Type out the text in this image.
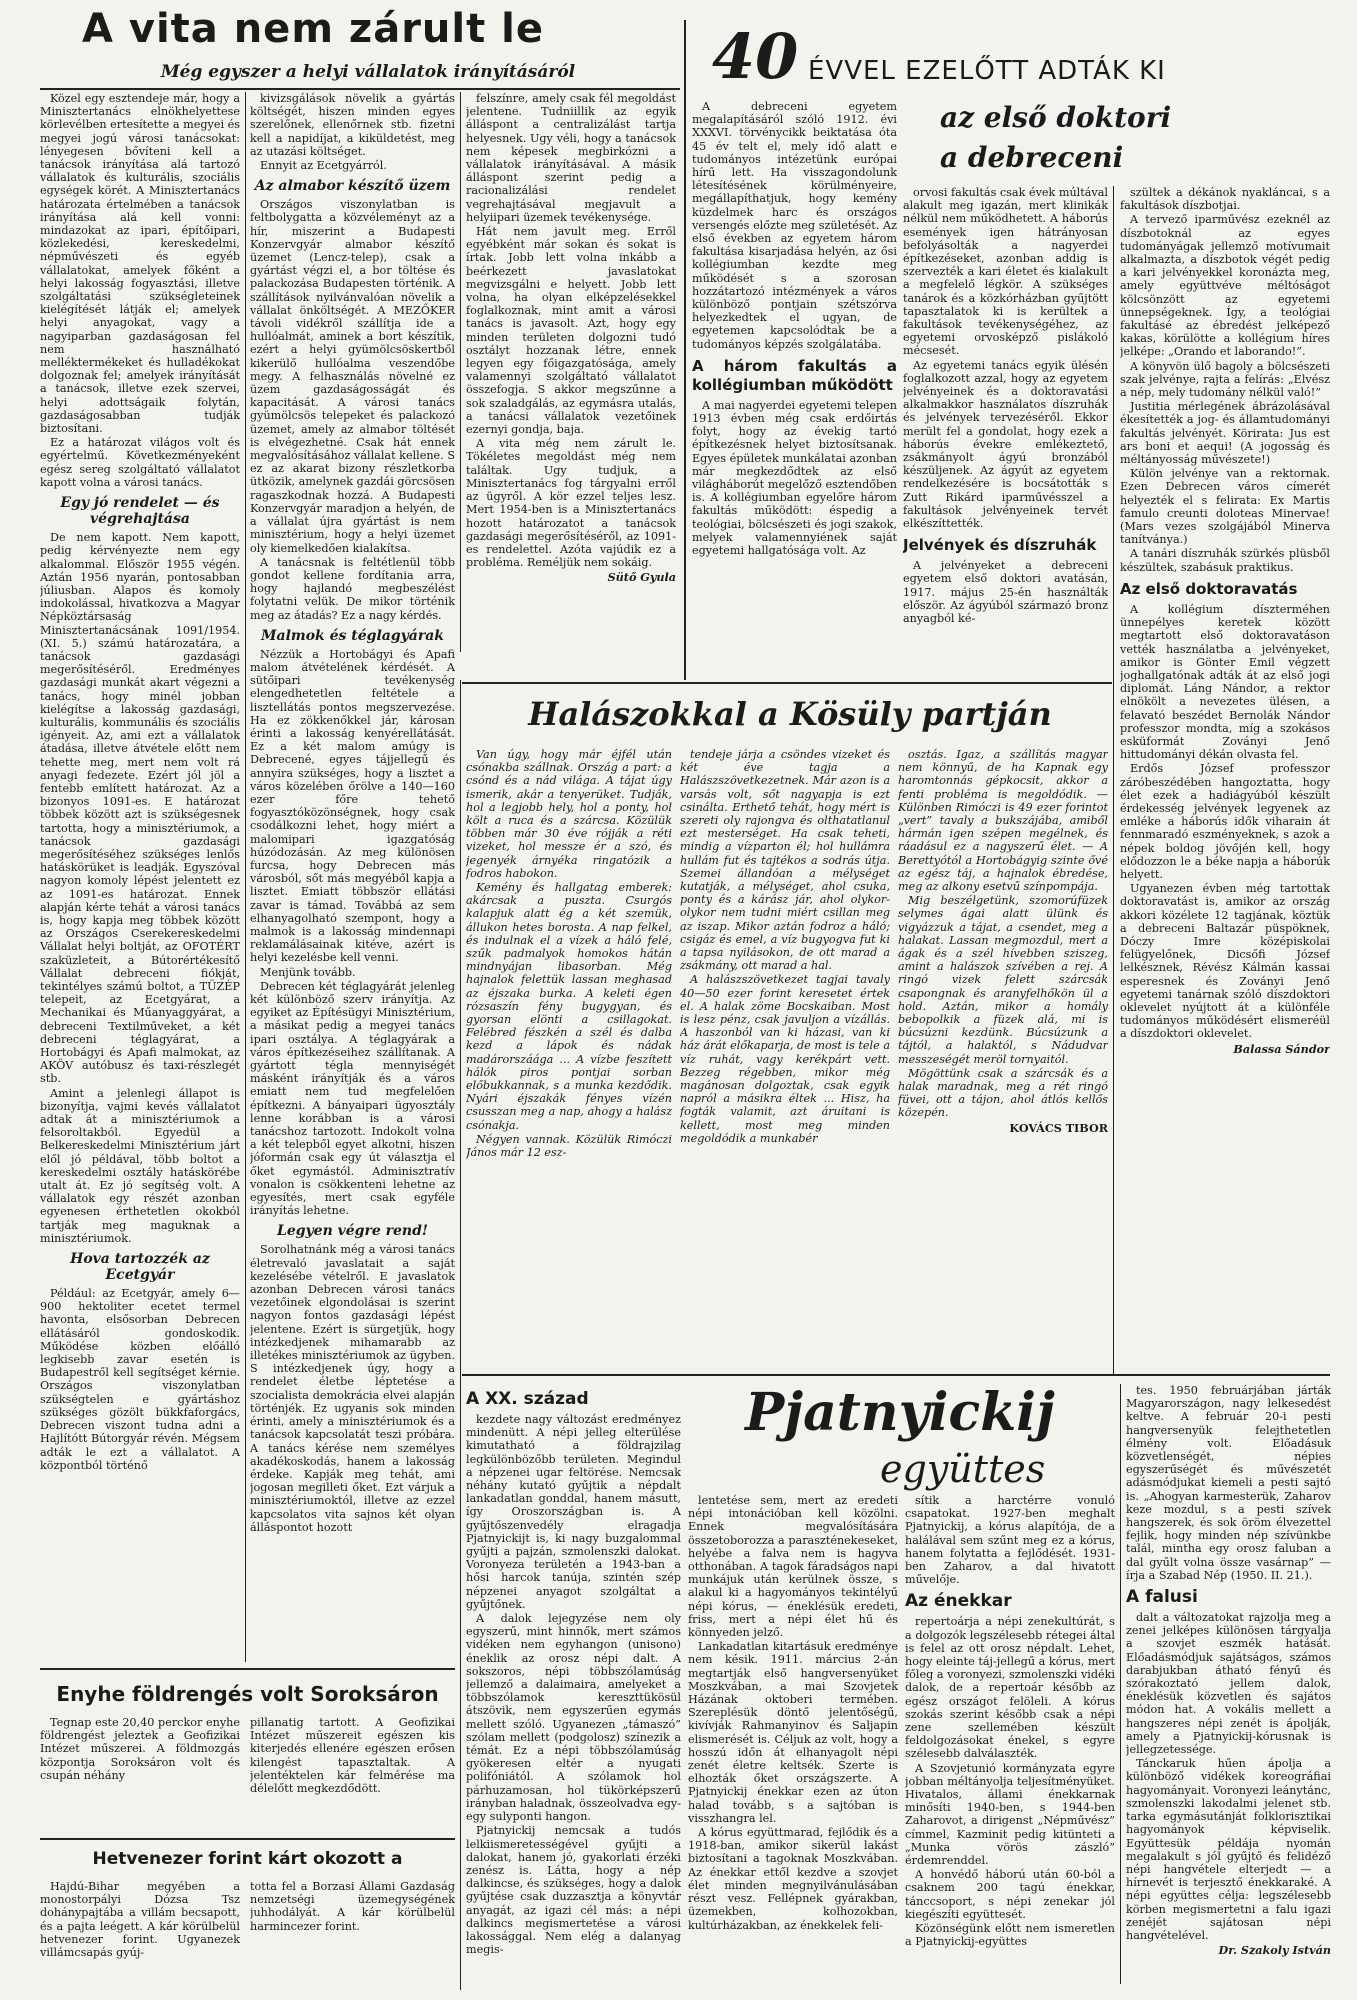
A vita nem zárult le
Még egyszer a helyi vállalatok irányításáról

Közel egy esztendeje már, hogy a Minisztertanács elnökhelyettese körlevélben ertesítette a megyei és megyei jogú városi tanácsokat: lényegesen bővíteni kell a tanácsok irányítása alá tartozó vállalatok és kulturális, szociális egységek körét. A Minisztertanács határozata értelmében a tanácsok irányítása alá kell vonni: mindazokat az ipari, építőipari, közlekedési, kereskedelmi, népművészeti és egyéb vállalatokat, amelyek főként a helyi lakosság fogyasztási, illetve szolgáltatási szükségleteinek kielégítését látják el; amelyek helyi anyagokat, vagy a nagyiparban gazdaságosan fel nem használható melléktermékeket és hulladékokat dolgoznak fel; amelyek irányítását a tanácsok, illetve ezek szervei, helyi adottságaik folytán, gazdaságosabban tudják biztosítani.

Ez a határozat világos volt és egyértelmű. Következményeként egész sereg szolgáltató vállalatot kapott volna a városi tanács.

Egy jó rendelet — és végrehajtása

De nem kapott. Nem kapott, pedig kérvényezte nem egy alkalommal. Először 1955 végén. Aztán 1956 nyarán, pontosabban júliusban. Alapos és komoly indokolással, hivatkozva a Magyar Népköztársaság Minisztertanácsának 1091/1954. (XI. 5.) számú határozatára, a tanácsok gazdasági megerősítéséről. Eredményes gazdasági munkát akart végezni a tanács, hogy minél jobban kielégítse a lakosság gazdasági, kulturális, kommunális és szociális igényeit. Az, ami ezt a vállalatok átadása, illetve átvétele előtt nem tehette meg, mert nem volt rá anyagi fedezete. Ezért jól jöl a fentebb említett határozat. Az a bizonyos 1091-es. E határozat többek között azt is szükségesnek tartotta, hogy a minisztériumok, a tanácsok gazdasági megerősítéséhez szükséges lenlős hatáskörüket is leadják. Egyszóval nagyon komoly lépést jelentett ez az 1091-es határozat. Ennek alapján kérte tehát a városi tanács is, hogy kapja meg többek között az Országos Cserekereskedelmi Vállalat helyi boltját, az OFOTÉRT szaküzleteit, a Bútorértékesítő Vállalat debreceni fiókját, tekintélyes számú boltot, a TÜZÉP telepeit, az Ecetgyárat, a Mechanikai és Műanyaggyárat, a debreceni Textilműveket, a két debreceni téglagyárat, a Hortobágyi és Apafi malmokat, az AKÖV autóbusz és taxi-részlegét stb.

Amint a jelenlegi állapot is bizonyítja, vajmi kevés vállalatot adtak át a minisztériumok a felsoroltakból. Egyedül a Belkereskedelmi Minisztérium járt elől jó példával, több boltot a kereskedelmi osztály hatáskörébe utalt át. Ez jó segítség volt. A vállalatok egy részét azonban egyenesen érthetetlen okokból tartják meg maguknak a minisztériumok.

Hova tartozzék az Ecetgyár

Például: az Ecetgyár, amely 6—900 hektoliter ecetet termel havonta, elsősorban Debrecen ellátásáról gondoskodik. Működése közben előálló legkisebb zavar esetén is Budapestről kell segítséget kérnie. Országos viszonylatban szükségtelen e gyártáshoz szükséges gözölt bükkfaforgács, Debrecen viszont tudna adni a Hajlítótt Bútorgyár révén. Mégsem adták le ezt a vállalatot. A központból történő

kivizsgálások növelik a gyártás költségét, hiszen minden egyes szerelőnek, ellenőrnek stb. fizetni kell a napidíjat, a kiküldetést, meg az utazási költséget.

Ennyit az Ecetgyárról.

Az almabor készítő üzem

Országos viszonylatban is feltbolygatta a közvéleményt az a hír, miszerint a Budapesti Konzervgyár almabor készítő üzemet (Lencz-telep), csak a gyártást végzi el, a bor töltése és palackozása Budapesten történik. A szállítások nyilvánvalóan növelik a vállalat önköltségét. A MEZŐKER távoli vidékről szállítja ide a hullóalmát, aminek a bort készítik, ezért a helyi gyümölcsöskertből kikerülő hullóalma veszendőbe megy. A felhasználás növelné ez üzem gazdaságosságát és kapacitását. A városi tanács gyümölcsös telepeket és palackozó üzemet, amely az almabor töltését is elvégezhetné. Csak hát ennek megvalósításához vállalat kellene. S ez az akarat bizony részletkorba ütközik, amelynek gazdái görcsösen ragaszkodnak hozzá. A Budapesti Konzervgyár maradjon a helyén, de a vállalat újra gyártást is nem minisztérium, hogy a helyi üzemet oly kiemelkedően kialakítsa.

A tanácsnak is feltétlenül több gondot kellene fordítania arra, hogy hajlandó megbeszélést folytatni velük. De mikor történik meg az átadás? Ez a nagy kérdés.

Malmok és téglagyárak

Nézzük a Hortobágyi és Apafi malom átvételének kérdését. A sütőipari tevékenység elengedhetetlen feltétele a lisztellátás pontos megszervezése. Ha ez zökkenőkkel jár, károsan érinti a lakosság kenyérellátását. Ez a két malom amúgy is Debrecené, egyes tájjellegű és annyira szükséges, hogy a lisztet a város közelében őrölve a 140—160 ezer főre tehető fogyasztóközönségnek, hogy csak csodálkozni lehet, hogy miért a malomipari igazgatóság húzódozásán. Az meg különösen furcsa, hogy Debrecen más városból, sőt más megyéből kapja a lisztet. Emiatt többször ellátási zavar is támad. Továbbá az sem elhanyagolható szempont, hogy a malmok is a lakosság mindennapi reklamálásainak kitéve, azért is helyi kezelésbe kell venni.

Menjünk tovább.

Debrecen két téglagyárát jelenleg két különböző szerv irányítja. Az egyiket az Építésügyi Minisztérium, a másikat pedig a megyei tanács ipari osztálya. A téglagyárak a város építkezéseihez szállítanak. A gyártott tégla mennyiségét másként irányítják és a város emiatt nem tud megfelelően építkezni. A bányaipari ügyosztály lenne korábban is a városi tanácshoz tartozott. Indokolt volna a két telepből egyet alkotni, hiszen jóformán csak egy út választja el őket egymástól. Adminisztratív vonalon is csökkenteni lehetne az egyesítés, mert csak egyféle irányítás lehetne.

Legyen végre rend!

Sorolhatnánk még a városi tanács életrevaló javaslatait a saját kezelésébe vételről. E javaslatok azonban Debrecen városi tanács vezetőinek elgondolásai is szerint nagyon fontos gazdasági lépést jelentene. Ezért is sürgetjük, hogy intézkedjenek mihamarabb az illetékes minisztériumok az ügyben. S intézkedjenek úgy, hogy a rendelet életbe léptetése a szocialista demokrácia elvei alapján történjék. Ez ugyanis sok minden érinti, amely a minisztériumok és a tanácsok kapcsolatát teszi próbára. A tanács kérése nem személyes akadékoskodás, hanem a lakosság érdeke. Kapják meg tehát, ami jogosan megilleti őket. Ezt várjuk a minisztériumoktól, illetve az ezzel kapcsolatos vita sajnos két olyan álláspontot hozott

felszínre, amely csak fél megoldást jelentene. Tudniillik az egyik álláspont a centralizálást tartja helyesnek. Ugy véli, hogy a tanácsok nem képesek megbirkózni a vállalatok irányításával. A másik álláspont szerint pedig a racionalizálási rendelet vegrehajtásával megjavult a helyiipari üzemek tevékenysége.

Hát nem javult meg. Erről egyébként már sokan és sokat is írtak. Jobb lett volna inkább a beérkezett javaslatokat megvizsgálni e helyett. Jobb lett volna, ha olyan elképzelésekkel foglalkoznak, mint amit a városi tanács is javasolt. Azt, hogy egy minden területen dolgozni tudó osztályt hozzanak létre, ennek legyen egy főigazgatósága, amely valamennyi szolgáltató vállalatot összefogja. S akkor megszűnne a sok szaladgálás, az egymásra utalás, a tanácsi vállalatok vezetőinek ezernyi gondja, baja.

A vita még nem zárult le. Tökéletes megoldást még nem találtak. Ugy tudjuk, a Minisztertanács fog tárgyalni erről az ügyről. A kör ezzel teljes lesz. Mert 1954-ben is a Minisztertanács hozott határozatot a tanácsok gazdasági megerősítéséről, az 1091-es rendelettel. Azóta vajúdik ez a probléma. Reméljük nem sokáig.

Sütő Gyula
40 ÉVVEL EZELŐTT ADTÁK KI
az első doktori
a debreceni

A debreceni egyetem megalapításáról szóló 1912. évi XXXVI. törvénycikk beiktatása óta 45 év telt el, mely idő alatt e tudományos intézetünk európai hírű lett. Ha visszagondolunk létesítésének körülményeire, megállapíthatjuk, hogy kemény küzdelmek harc és országos versengés előzte meg születését. Az első években az egyetem három fakultása kisarjadása helyén, az ősi kollégiumban kezdte meg működését s a szorosan hozzátartozó intézmények a város különböző pontjain szétszórva helyezkedtek el ugyan, de egyetemen kapcsolódtak be a tudományos képzés szolgálatába.

A három fakultás a kollégiumban működött

A mai nagyerdei egyetemi telepen 1913 évben még csak erdőirtás folyt, hogy az évekig tartó építkezésnek helyet biztosítsanak. Egyes épületek munkálatai azonban már megkezdődtek az első világháborút megelőző esztendőben is. A kollégiumban egyelőre három fakultás működött: éspedig a teológiai, bölcsészeti és jogi szakok, melyek valamennyiének saját egyetemi hallgatósága volt. Az

orvosi fakultás csak évek múltával alakult meg igazán, mert klinikák nélkül nem működhetett. A háborús események igen hátrányosan befolyásolták a nagyerdei építkezéseket, azonban addig is szervezték a kari életet és kialakult a megfelelő légkör. A szükséges tanárok és a közkórházban gyűjtött tapasztalatok ki is kerültek a fakultások tevékenységéhez, az egyetemi orvosképző pislákoló mécsesét.

Az egyetemi tanács egyik ülésén foglalkozott azzal, hogy az egyetem jelvényeinek és a doktoravatási alkalmakkor használatos díszruhák és jelvények tervezéséről. Ekkor merült fel a gondolat, hogy ezek a háborús évekre emlékeztető, zsákmányolt ágyú bronzából készüljenek. Az ágyút az egyetem rendelkezésére is bocsátották s Zutt Rikárd iparművésszel a fakultások jelvényeinek tervét elkészíttették.

Jelvények és díszruhák

A jelvényeket a debreceni egyetem első doktori avatásán, 1917. május 25-én használták először. Az ágyúból származó bronz anyagból ké-

szültek a dékánok nyakláncai, s a fakultások díszbotjai.

A tervező iparművész ezeknél az díszbotoknál az egyes tudományágak jellemző motívumait alkalmazta, a díszbotok végét pedig a kari jelvényekkel koronázta meg, amely együttvéve méltóságot kölcsönzött az egyetemi ünnepségeknek. Így, a teológiai fakultásé az ébredést jelképező kakas, körülötte a kollégium híres jelképe: „Orando et laborando!”.

A könyvön ülő bagoly a bölcsészeti szak jelvénye, rajta a felírás: „Elvész a nép, mely tudomány nélkül való!”

Justitia mérlegének ábrázolásával ékesítették a jog- és államtudományi fakultás jelvényét. Körirata: Jus est ars boni et aequi! (A jogosság és méltányosság művészete!)

Külön jelvénye van a rektornak. Ezen Debrecen város címerét helyezték el s felirata: Ex Martis famulo creunti doloteas Minervae! (Mars vezes szolgájából Minerva tanítványa.)

A tanári díszruhák szürkés plüsből készültek, szabásuk praktikus.

Az első doktoravatás

A kollégium díszterméhen ünnepélyes keretek között megtartott első doktoravatáson vették használatba a jelvényeket, amikor is Gönter Emil végzett joghallgatónak adták át az első jogi diplomát. Láng Nándor, a rektor elnökölt a nevezetes ülésen, a felavató beszédet Bernolák Nándor professzor mondta, míg a szokásos esküformát Zoványi Jenő hittudományi dékán olvasta fel.

Erdős József professzor záróbeszédében hangoztatta, hogy élet ezek a hadiágyúból készült érdekesség jelvények legyenek az emléke a háborús idők viharain át fennmaradó eszményeknek, s azok a népek boldog jövőjén kell, hogy elődozzon le a béke napja a háborúk helyett.

Ugyanezen évben még tartottak doktoravatást is, amikor az ország akkori közélete 12 tagjának, köztük a debreceni Baltazár püspöknek, Dóczy Imre középiskolai felügyelőnek, Dicsőfi József lelkésznek, Révész Kálmán kassai esperesnek és Zoványi Jenő egyetemi tanárnak szóló díszdoktori oklevelet nyújtott át a különféle tudományos működésért elismeréül a díszdoktori oklevelet.

Balassa Sándor
Halászokkal a Kösüly partján

Van úgy, hogy már éjfél után csónakba szállnak. Ország a part: a csónd és a nád világa. A tájat úgy ismerik, akár a tenyerüket. Tudják, hol a legjobb hely, hol a ponty, hol költ a ruca és a szárcsa. Közülük többen már 30 éve rójják a réti vizeket, hol messze ér a szó, és jegenyék árnyéka ringatózik a fodros habokon.

Kemény és hallgatag emberek: akárcsak a puszta. Csurgós kalapjuk alatt ég a két szemük, állukon hetes borosta. A nap felkel, és indulnak el a vízek a háló felé, szűk padmalyok homokos hátán mindnyájan libasorban. Még hajnalok felettük lassan meghasad az éjszaka burka. A keleti égen rózsaszín fény bugygyan, és gyorsan elönti a csillagokat. Felébred fészkén a szél és dalba kezd a lápok és nádak madárorszáága ... A vízbe feszített hálók piros pontjai sorban előbukkannak, s a munka kezdődik. Nyári éjszakák fényes vízén csusszan meg a nap, ahogy a halász csónakja.

Négyen vannak. Közülük Rimóczi János már 12 esz-

tendeje járja a csöndes vizeket és két éve tagja a Halászszövetkezetnek. Már azon is a varsás volt, sőt nagyapja is ezt csinálta. Erthető tehát, hogy mért is szereti oly rajongva és olthatatlanul ezt mesterséget. Ha csak teheti, mindig a vízparton él; hol hullámra hullám fut és tajtékos a sodrás útja. Szemei állandóan a mélységet kutatják, a mélységet, ahol csuka, ponty és a kárász jár, ahol olykor-olykor nem tudni miért csillan meg az iszap. Mikor aztán fodroz a háló; csigáz és emel, a víz bugyogva fut ki a tapsa nyilásokon, de ott marad a zsákmány, ott marad a hal.

A halászszövetkezet tagjai tavaly 40—50 ezer forint keresetet értek el. A halak zöme Bocskaiban. Most is lesz pénz, csak javuljon a vízállás. A haszonból van ki házasi, van ki ház árát előkaparja, de most is tele a víz ruhát, vagy kerékpárt vett. Bezzeg régebben, mikor még magánosan dolgoztak, csak egyik napról a másikra éltek ... Hisz, ha fogták valamit, azt áruitani is kellett, most meg minden megoldódik a munkabér

osztás. Igaz, a szállítás magyar nem könnyű, de ha Kapnak egy haromtonnás gépkocsit, akkor a fenti probléma is megoldódik. — Különben Rimóczi is 49 ezer forintot „vert” tavaly a bukszájába, amiből hármán igen szépen megélnek, és ráadásul ez a nagyszerű élet. — A Berettyótól a Hortobágyig szinte ővé az egész táj, a hajnalok ébredése, meg az alkony esetvű színpompája.

Mig beszélgetünk, szomorúfüzek selymes ágai alatt ülünk és vigyázzuk a tájat, a csendet, meg a halakat. Lassan megmozdul, mert a ágak és a szél hívebben sziszeg, amint a halászok szívében a rej. A ringó vizek felett szárcsák csapongnak és aranyfelhőkön ül a hold. Aztán, mikor a homály bebopolkik a füzek alá, mi is búcsúzni kezdünk. Búcsúzunk a tájtól, a halaktól, s Nádudvar messzeségét meröl tornyaitól.

Mögöttünk csak a szárcsák és a halak maradnak, meg a rét ringó füvei, ott a tájon, ahol átlós kellős közepén.

KOVÁCS TIBOR
Enyhe földrengés volt Soroksáron

Tegnap este 20,40 perckor enyhe földrengést jeleztek a Geofizikai Intézet műszerei. A földmozgás központja Soroksáron volt és csupán néhány

pillanatig tartott. A Geofizikai Intézet műszereit egészen kis kiterjedés ellenére egészen erősen kilengést tapasztaltak. A jelentéktelen kár felmérése ma délelőtt megkezdődött.

Hetvenezer forint kárt okozott a

Hajdú-Bihar megyében a monostorpályi Dózsa Tsz dohánypajtába a villám becsapott, és a pajta leégett. A kár körülbelül hetvenezer forint. Ugyanezek villámcsapás gyúj-

totta fel a Borzasi Állami Gazdaság nemzetségi üzemegységének juhhodályát. A kár körülbelül harmincezer forint.

Pjatnyickij
együttes
A XX. század

kezdete nagy változást eredményez mindenütt. A népi jelleg elterülése kimutatható a földrajzilag legkülönbözőbb területen. Megindul a népzenei ugar feltörése. Nemcsak néhány kutató gyűjtik a népdalt lankadatlan gonddal, hanem másutt, így Oroszországban is. A gyűjtőszenvedély elragadja Pjatnyickijt is, ki nagy buzgalommal gyűjti a pajzán, szmolenszki dalokat. Voronyeza területén a 1943-ban a hősi harcok tanúja, szintén szép népzenei anyagot szolgáltat a gyűjtőnek.

A dalok lejegyzése nem oly egyszerű, mint hinnők, mert számos vidéken nem egyhangon (unisono) éneklik az orosz népi dalt. A sokszoros, népi többszólamúság jellemző a dalaimaira, amelyeket a többszólamok kereszttükösül átszövik, nem egyszerűen egymás mellett szóló. Ugyanezen „támaszó” szólam mellett (podgolosz) színezik a témát. Ez a népi többszólamúság gyökeresen eltér a nyugati polifóniától. A szólamok hol párhuzamosan, hol tükörképszerű irányban haladnak, összeolvadva egy-egy sulyponti hangon.

Pjatnyickij nemcsak a tudós lelkiismeretességével gyűjti a dalokat, hanem jó, gyakorlati érzéki zenész is. Látta, hogy a nép dalkincse, és szükséges, hogy a dalok gyűjtése csak duzzasztja a könyvtár anyagát, az igazi cél más: a népi dalkincs megismertetése a városi lakossággal. Nem elég a dalanyag megis-

lentetése sem, mert az eredeti népi intonációban kell közölni. Ennek megvalósítására összetoborozza a paraszténekeseket, helyébe a falva nem is hagyva otthonában. A tagok fáradságos napi munkájuk után kerülnek össze, s alakul ki a hagyományos tekintélyű népi kórus, — éneklésük eredeti, friss, mert a népi élet hű és könnyeden jelző.

Lankadatlan kitartásuk eredménye nem késik. 1911. március 2-án megtartják első hangversenyüket Moszkvában, a mai Szovjetek Házának oktoberi termében. Szereplésük döntő jelentőségű, kivívják Rahmanyinov és Saljapin elismerését is. Céljuk az volt, hogy a hosszú időn át elhanyagolt népi zenét életre keltsék. Szerte is elhozták őket országszerte. A Pjatnyickij énekkar ezen az úton halad tovább, s a sajtóban is visszhangra lel.

A kórus együttmarad, fejlődik és a 1918-ban, amikor sikerül lakást biztosítani a tagoknak Moszkvában. Az énekkar ettől kezdve a szovjet élet minden megnyilvánulásában részt vesz. Fellépnek gyárakban, üzemekben, kolhozokban, kultúrházakban, az énekkelek feli-

sítik a harctérre vonuló csapatokat. 1927-ben meghalt Pjatnyickij, a kórus alapítója, de a halálával sem szűnt meg ez a kórus, hanem folytatta a fejlődését. 1931-ben Zaharov, a dal hivatott művelője.

Az énekkar

repertoárja a népi zenekultúrát, s a dolgozók legszélesebb rétegei által is felel az ott orosz népdalt. Lehet, hogy eleinte táj-jellegű a kórus, mert főleg a voronyezi, szmolenszki vidéki dalok, de a repertoár később az egész országot felöleli. A kórus szokás szerint később csak a népi zene szellemében készült feldolgozásokat énekel, s egyre szélesebb dalválaszték.

A Szovjetunió kormányzata egyre jobban méltányolja teljesítményüket. Hivatalos, állami énekkarnak minősíti 1940-ben, s 1944-ben Zaharovot, a dirigenst „Népművész” címmel, Kazminit pedig kitünteti a „Munka vörös zászló” érdemrenddel.

A honvédő háború után 60-ból a csaknem 200 tagú énekkar, tánccsoport, s népi zenekar jól kiegészíti együttesét.

Közönségünk előtt nem ismeretlen a Pjatnyickij-együttes

tes. 1950 februárjában járták Magyarországon, nagy lelkesedést keltve. A február 20-i pesti hangversenyük felejthetetlen élmény volt. Előadásuk közvetlenségét, népies egyszerűségét és művészetét adásmódjukat kiemeli a pesti sajtó is. „Ahogyan karmesterük, Zaharov keze mozdul, s a pesti szívek hangszerek, és sok öröm élvezettel fejlik, hogy minden nép szívünkbe talál, mintha egy orosz faluban a dal gyűlt volna össze vasárnap” — írja a Szabad Nép (1950. II. 21.).

A falusi

dalt a változatokat rajzolja meg a zenei jelképes különösen tárgyalja a szovjet eszmék hatását. Előadásmódjuk sajátságos, számos darabjukban átható fényű és szórakoztató jellem dalok, éneklésük közvetlen és sajátos módon hat. A vokális mellett a hangszeres népi zenét is ápolják, amely a Pjatnyickij-kórusnak is jellegzetessége.

Tánckaruk hűen ápolja a különböző vidékek koreográfiai hagyományait. Voronyezi leánytánc, szmolenszki lakodalmi jelenet stb. tarka egymásutánját folklorisztikai hagyományok képviselik. Együttesük példája nyomán megalakult s jól gyűjtő és felidéző népi hangvétele elterjedt — a hírnevét is terjesztő énekkaraké. A népi együttes célja: legszélesebb körben megismertetni a falu igazi zenéjét sajátosan népi hangvételével.

Dr. Szakoly István
